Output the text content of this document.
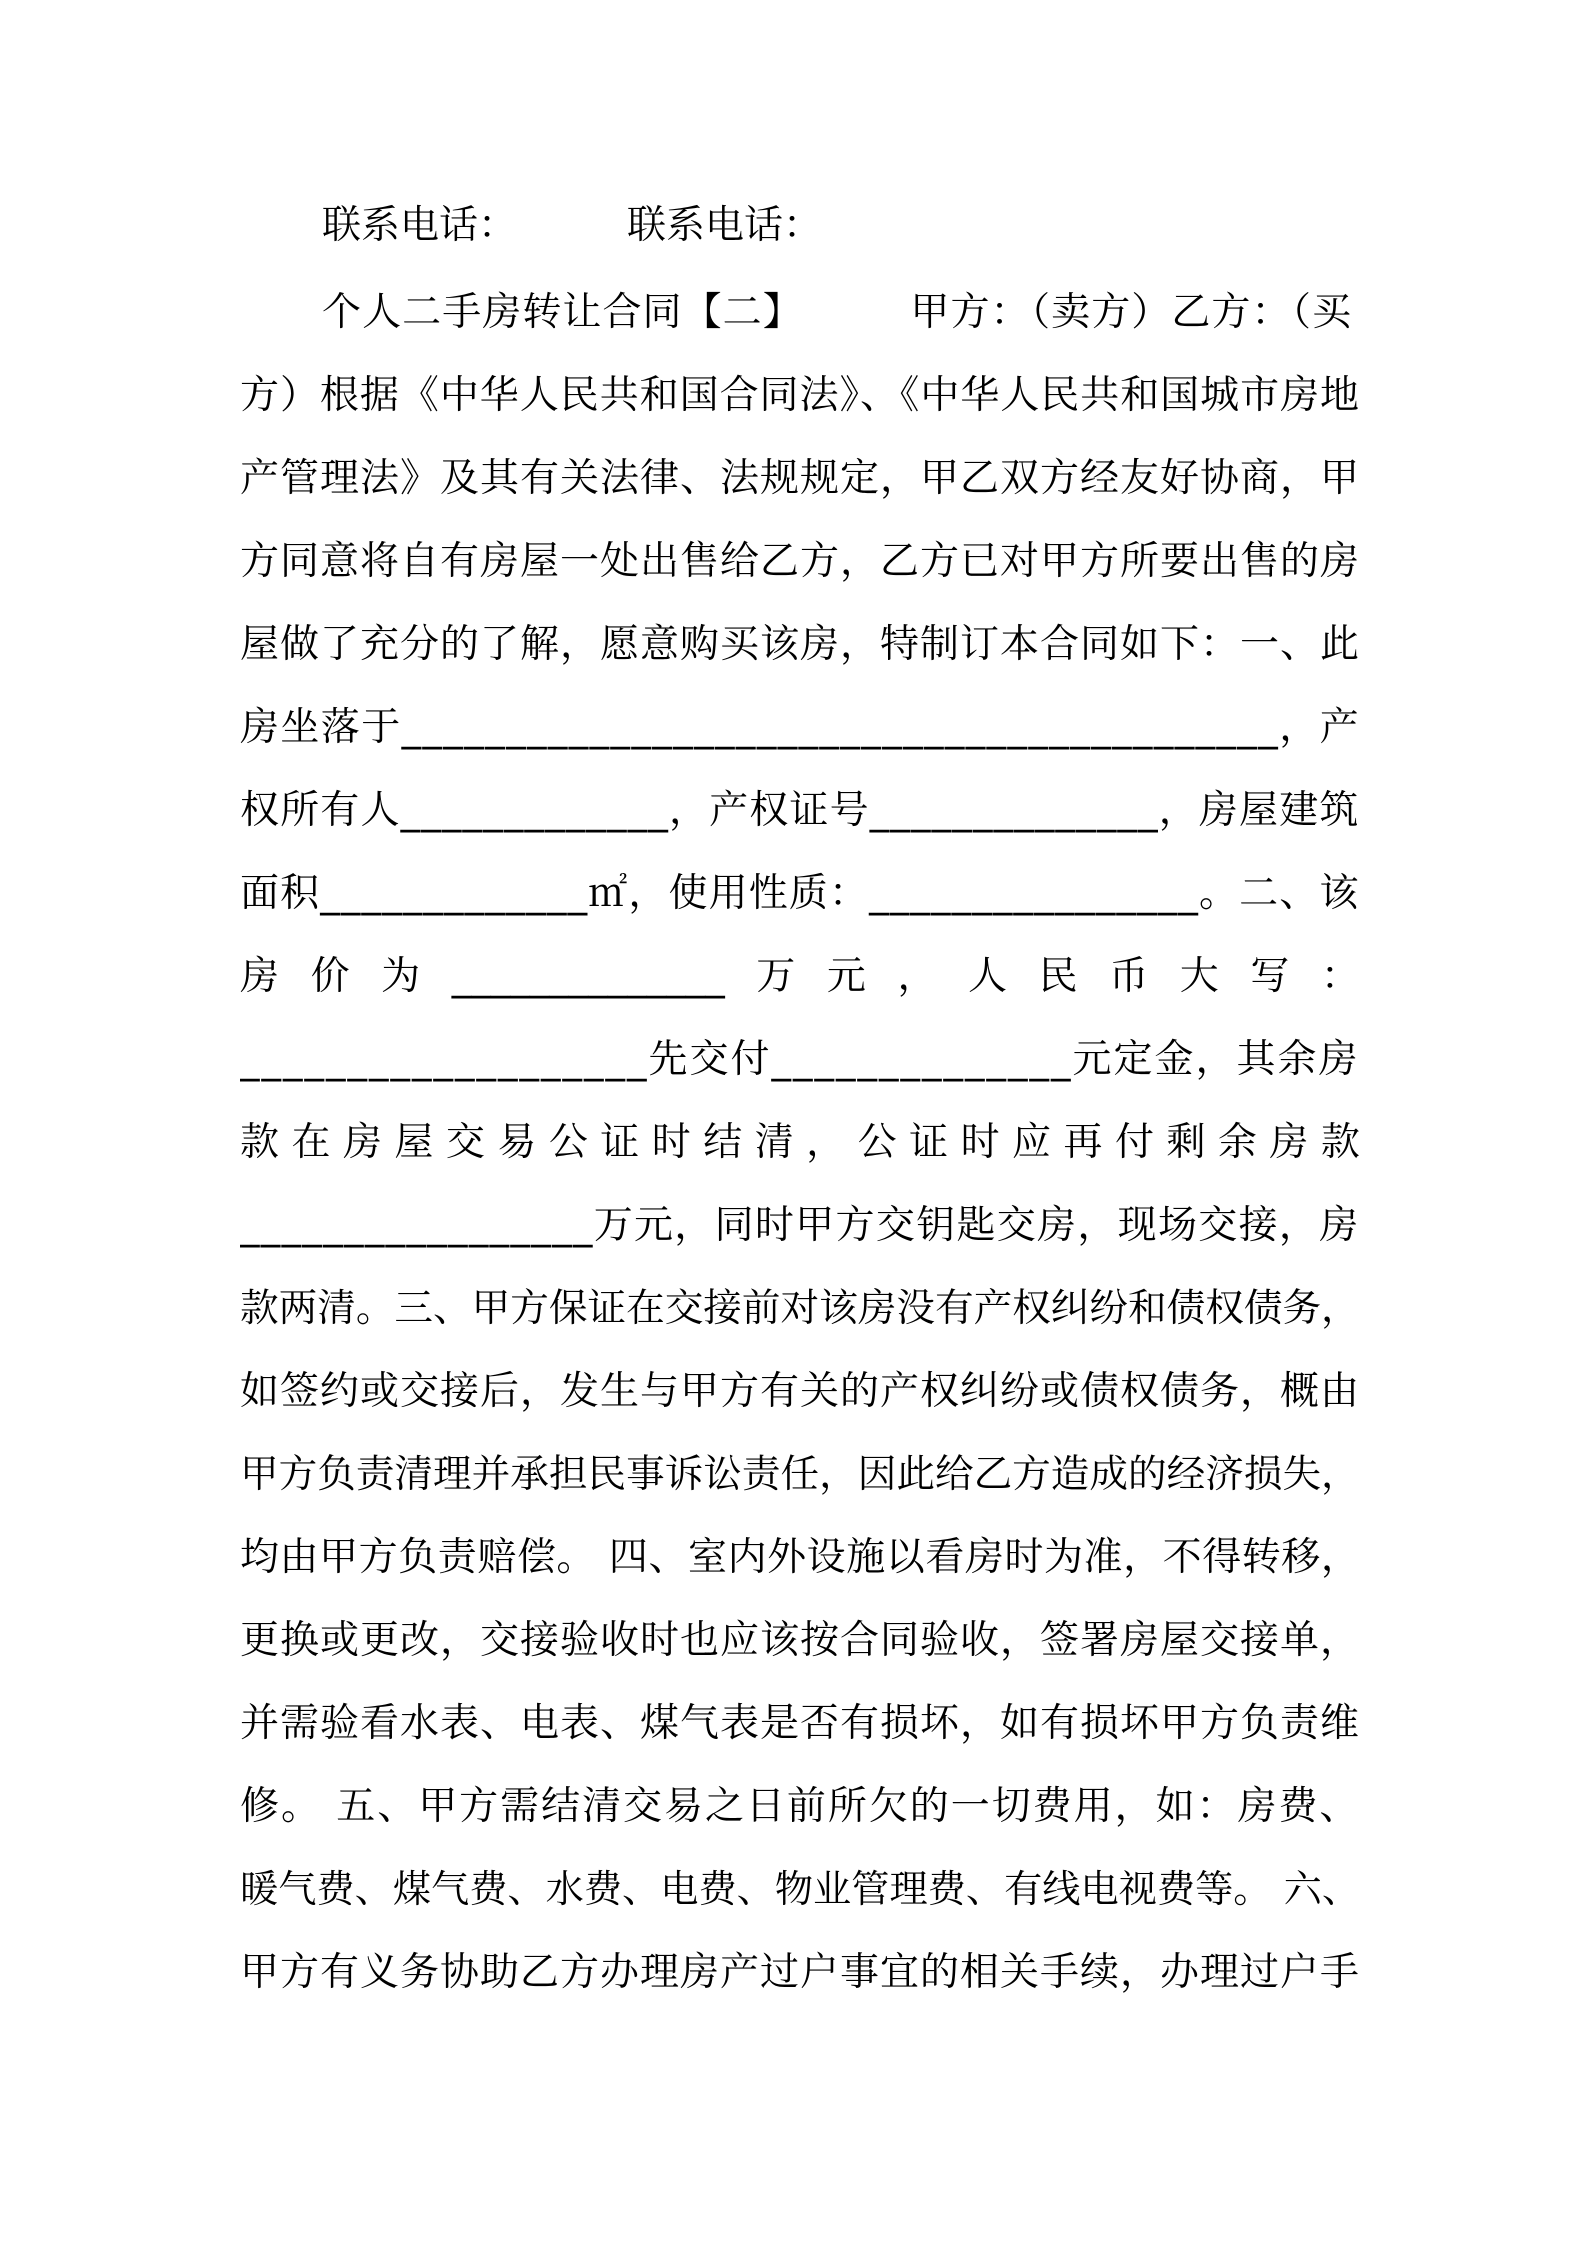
联系电话：	联系电话：
个人二手房转让合同【二】        甲方：（卖方）乙方：（买
方）根据《中华人民共和国合同法》、《中华人民共和国城市房地
产管理法》及其有关法律、法规规定，甲乙双方经友好协商，甲
方同意将自有房屋一处出售给乙方，乙方已对甲方所要出售的房
屋做了充分的了解，愿意购买该房，特制订本合同如下：一、此
房坐落于__________________________________________，产
权所有人_____________，产权证号______________，房屋建筑
面积_____________㎡，使用性质：________________。二、该
房 价 为 ______________ 万 元 ， 人 民 币 大 写 ：
___________________先交付______________元定金，其余房
款 在 房 屋 交 易 公 证 时 结 清 ， 公 证 时 应 再 付 剩 余 房 款
_________________万元，同时甲方交钥匙交房，现场交接，房
款两清。三、甲方保证在交接前对该房没有产权纠纷和债权债务，
如签约或交接后，发生与甲方有关的产权纠纷或债权债务，概由
甲方负责清理并承担民事诉讼责任，因此给乙方造成的经济损失，
均由甲方负责赔偿。 四、室内外设施以看房时为准，不得转移，
更换或更改，交接验收时也应该按合同验收，签署房屋交接单，
并需验看水表、电表、煤气表是否有损坏，如有损坏甲方负责维
修。 五、甲方需结清交易之日前所欠的一切费用，如：房费、
暖气费、煤气费、水费、电费、物业管理费、有线电视费等。 六、
甲方有义务协助乙方办理房产过户事宜的相关手续，办理过户手
